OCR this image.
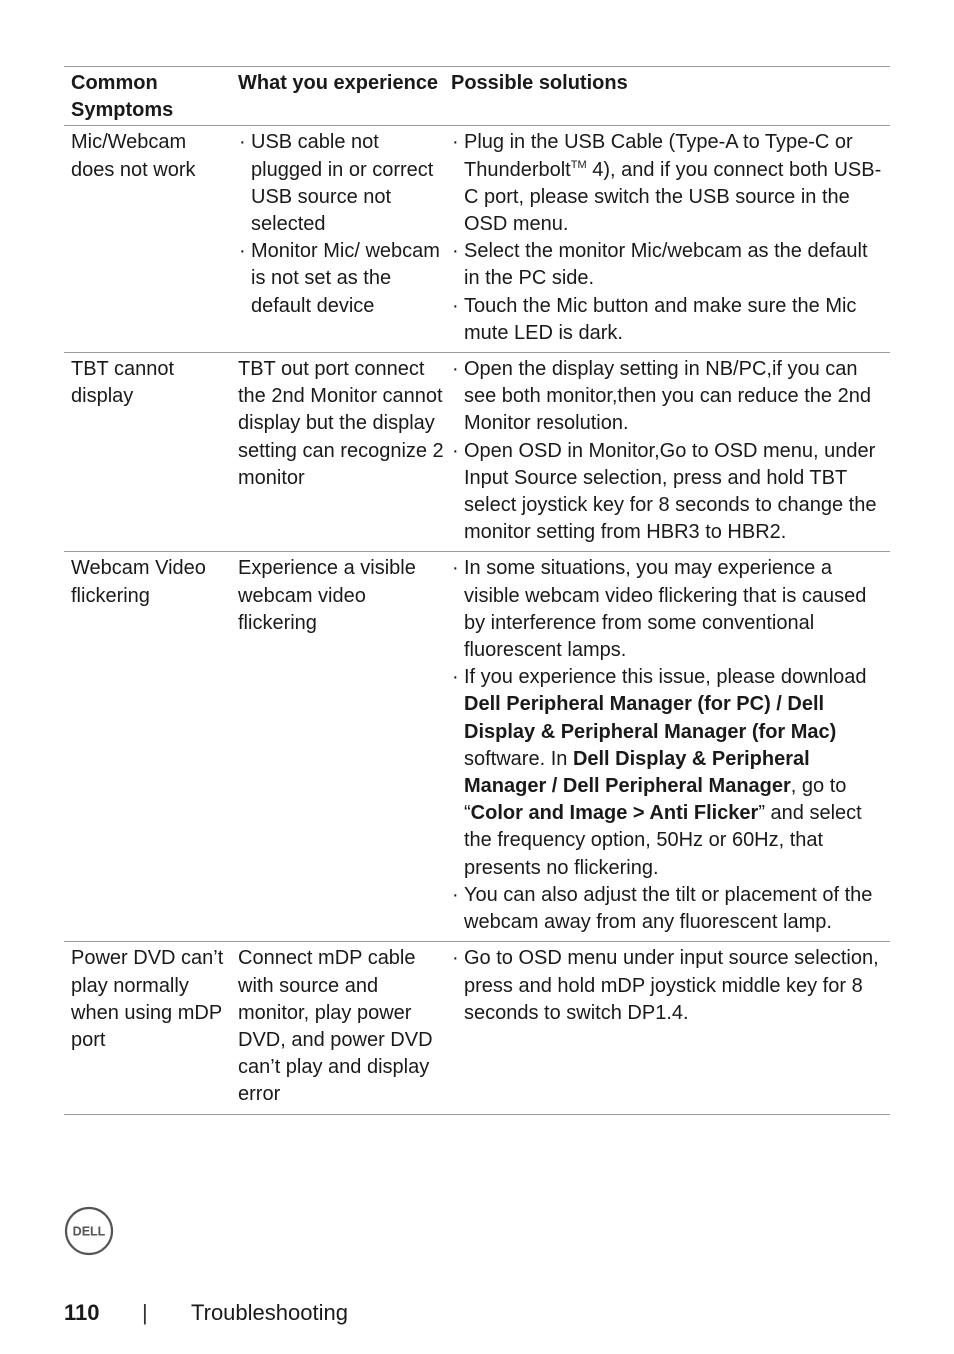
Common Symptoms
What you experience Possible solutions
Mic/Webcam does not work
· USB cable not plugged in or correct USB source not selected
· Monitor Mic/ webcam is not set as the default device
· Plug in the USB Cable (Type-A to Type-C or Thunderbolt™ 4), and if you connect both USB-C port, please switch the USB source in the OSD menu.
· Select the monitor Mic/webcam as the default in the PC side.
· Touch the Mic button and make sure the Mic mute LED is dark.
TBT cannot display
TBT out port connect the 2nd Monitor cannot display but the display setting can recognize 2 monitor
· Open the display setting in NB/PC,if you can see both monitor,then you can reduce the 2nd Monitor resolution.
· Open OSD in Monitor,Go to OSD menu, under Input Source selection, press and hold TBT select joystick key for 8 seconds to change the monitor setting from HBR3 to HBR2.
Webcam Video flickering
Experience a visible webcam video flickering
· In some situations, you may experience a visible webcam video flickering that is caused by interference from some conventional fluorescent lamps.
· If you experience this issue, please download Dell Peripheral Manager (for PC) / Dell Display & Peripheral Manager (for Mac) software. In Dell Display & Peripheral Manager / Dell Peripheral Manager, go to “Color and Image > Anti Flicker” and select the frequency option, 50Hz or 60Hz, that presents no flickering.
· You can also adjust the tilt or placement of the webcam away from any fluorescent lamp.
Power DVD can’t play normally when using mDP port
Connect mDP cable with source and monitor, play power DVD, and power DVD can’t play and display error
· Go to OSD menu under input source selection, press and hold mDP joystick middle key for 8 seconds to switch DP1.4.
DELL
110 | Troubleshooting
